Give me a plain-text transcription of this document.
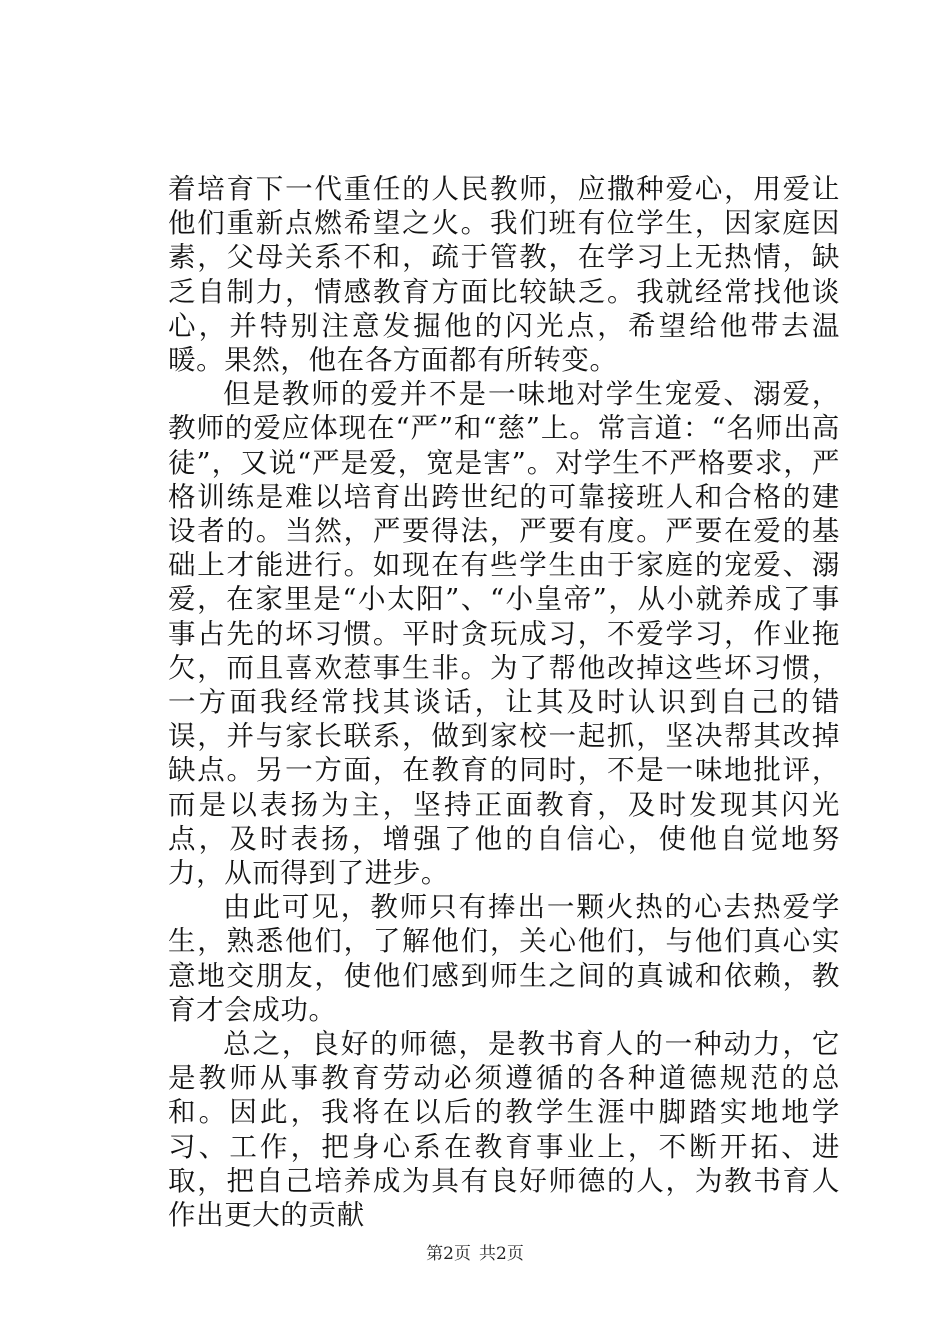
着培育下一代重任的人民教师，应撒种爱心，用爱让他们重新点燃希望之火。我们班有位学生，因家庭因素，父母关系不和，疏于管教，在学习上无热情，缺乏自制力，情感教育方面比较缺乏。我就经常找他谈心，并特别注意发掘他的闪光点，希望给他带去温暖。果然，他在各方面都有所转变。

但是教师的爱并不是一味地对学生宠爱、溺爱，教师的爱应体现在“严”和“慈”上。常言道：“名师出高徒”，又说“严是爱，宽是害”。对学生不严格要求，严格训练是难以培育出跨世纪的可靠接班人和合格的建设者的。当然，严要得法，严要有度。严要在爱的基础上才能进行。如现在有些学生由于家庭的宠爱、溺爱，在家里是“小太阳”、“小皇帝”，从小就养成了事事占先的坏习惯。平时贪玩成习，不爱学习，作业拖欠，而且喜欢惹事生非。为了帮他改掉这些坏习惯，一方面我经常找其谈话，让其及时认识到自己的错误，并与家长联系，做到家校一起抓，坚决帮其改掉缺点。另一方面，在教育的同时，不是一味地批评，而是以表扬为主，坚持正面教育，及时发现其闪光点，及时表扬，增强了他的自信心，使他自觉地努力，从而得到了进步。

由此可见，教师只有捧出一颗火热的心去热爱学生，熟悉他们，了解他们，关心他们，与他们真心实意地交朋友，使他们感到师生之间的真诚和依赖，教育才会成功。

总之，良好的师德，是教书育人的一种动力，它是教师从事教育劳动必须遵循的各种道德规范的总和。因此，我将在以后的教学生涯中脚踏实地地学习、工作，把身心系在教育事业上，不断开拓、进取，把自己培养成为具有良好师德的人，为教书育人作出更大的贡献

第2页 共2页
